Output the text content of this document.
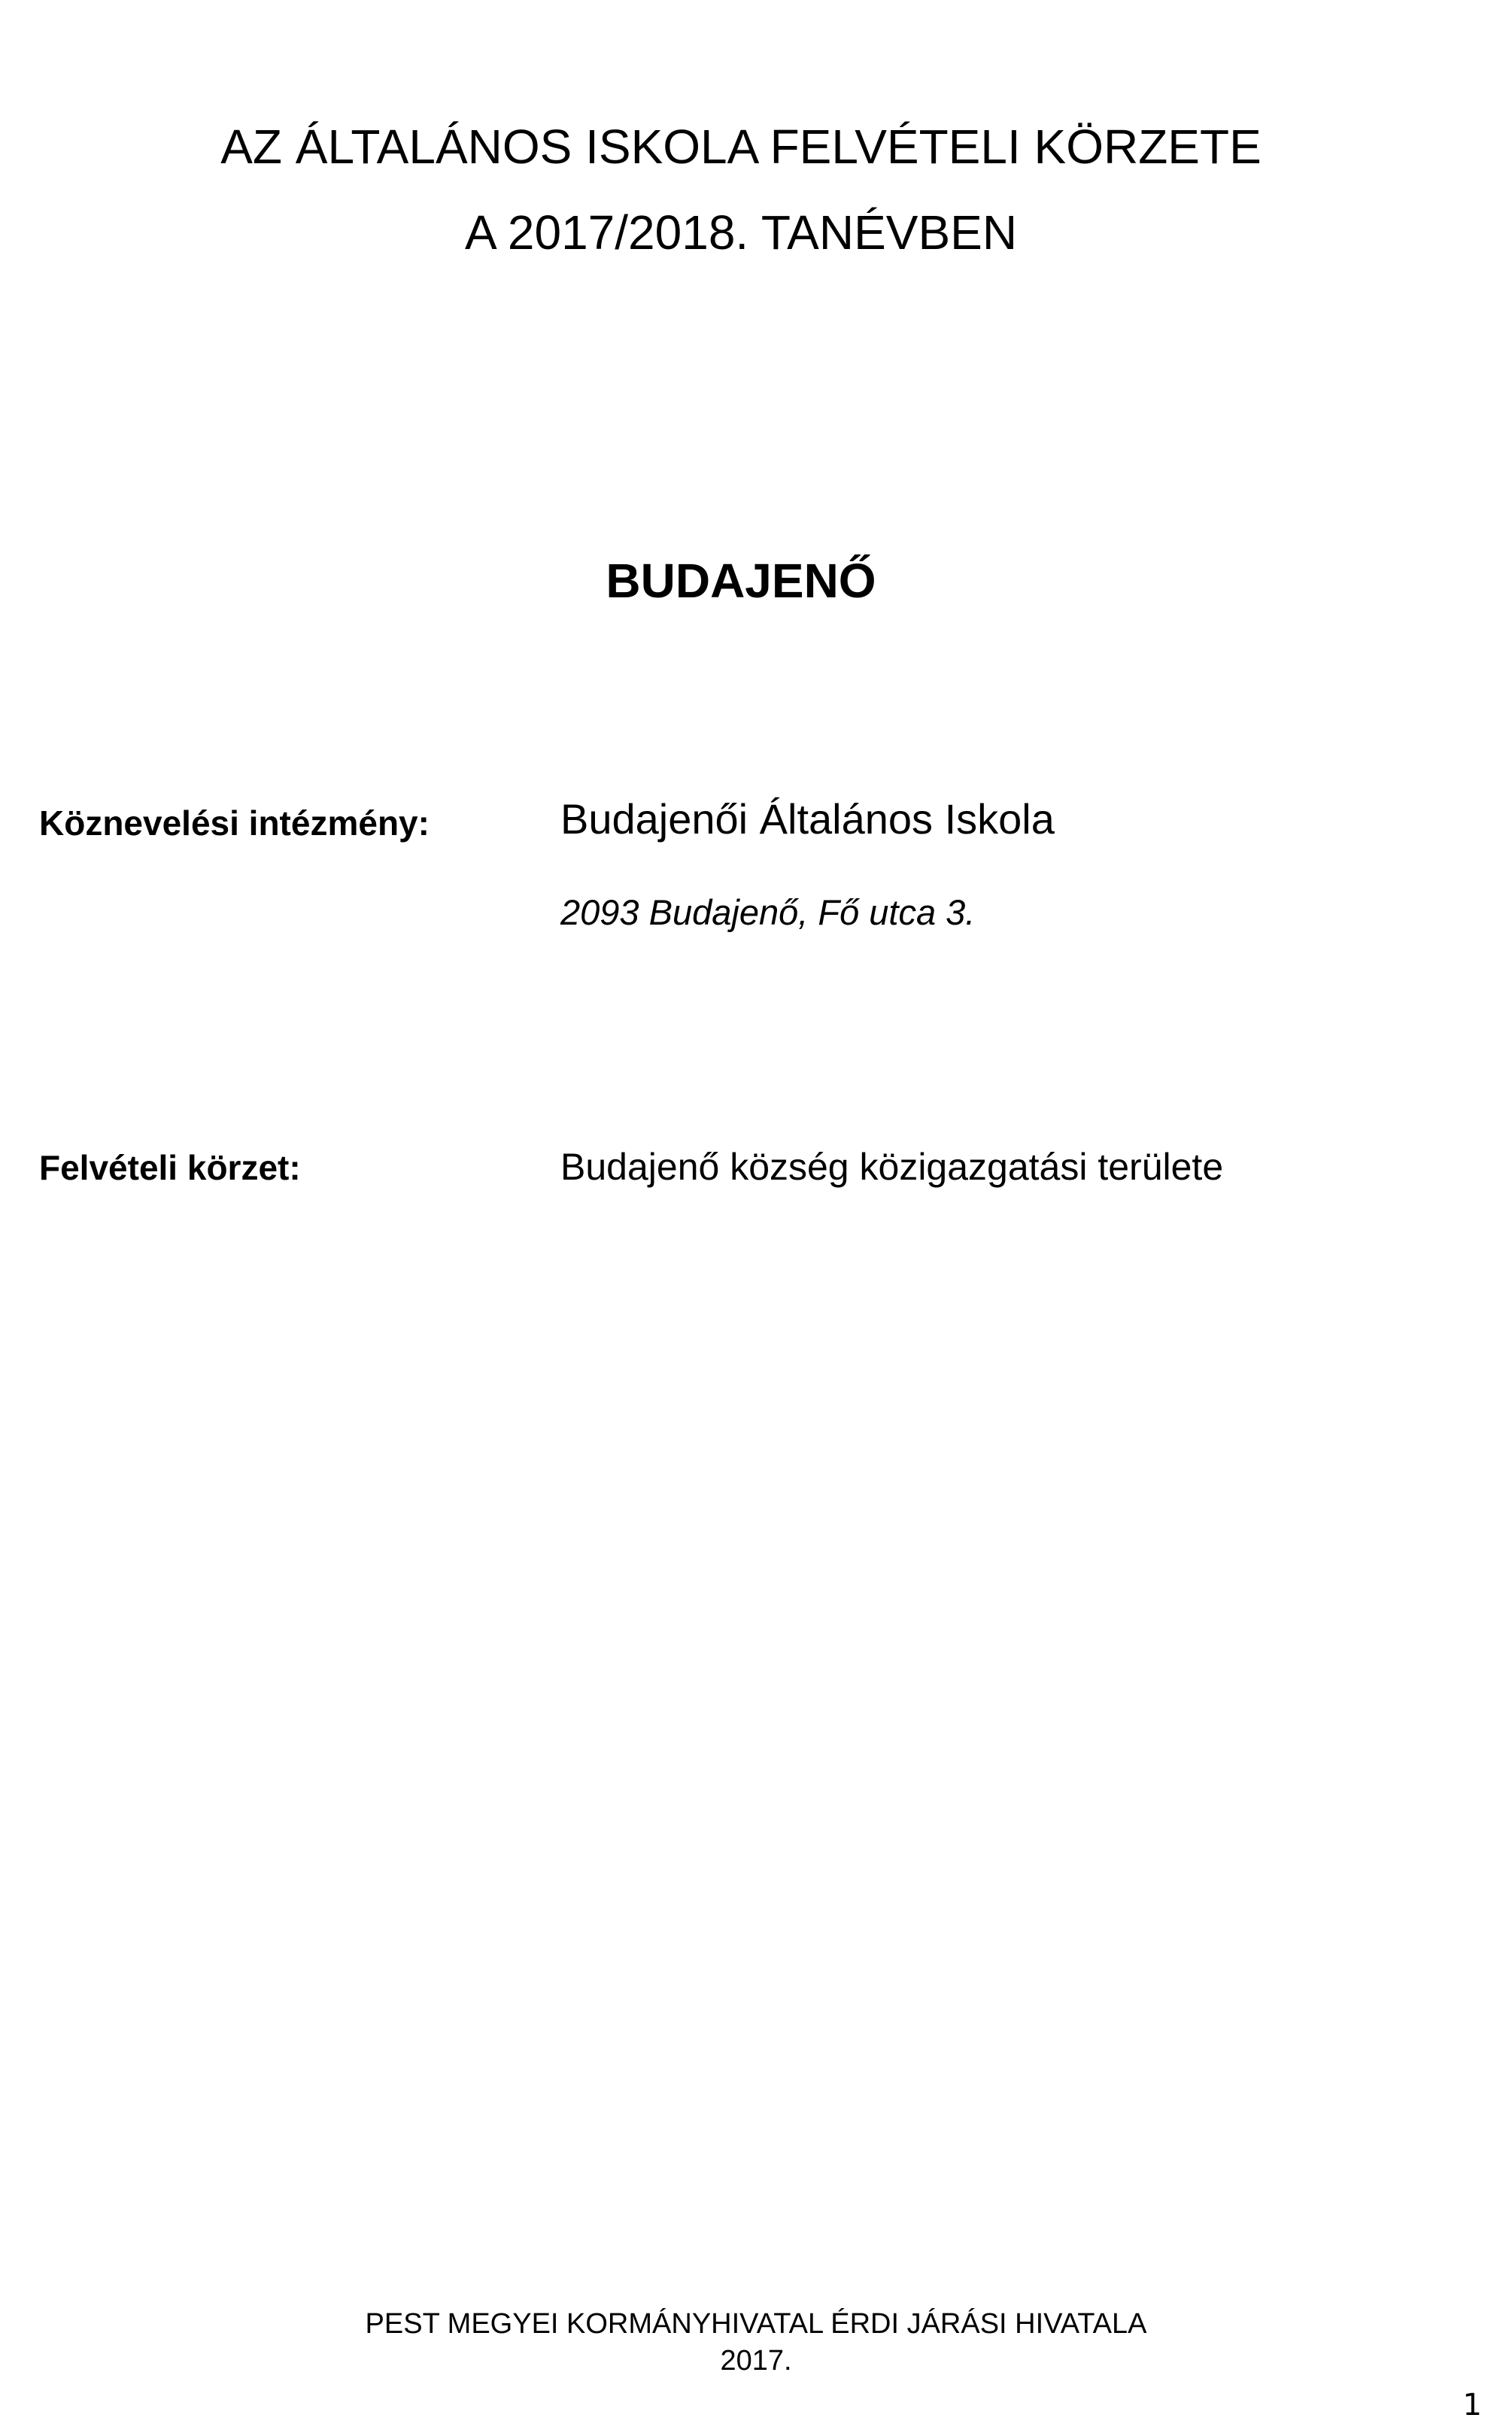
AZ ÁLTALÁNOS ISKOLA FELVÉTELI KÖRZETE
A 2017/2018. TANÉVBEN
BUDAJENŐ
Köznevelési intézmény:	Budajenői Általános Iskola
2093 Budajenő, Fő utca 3.
Felvételi körzet:	Budajenő község közigazgatási területe
PEST MEGYEI KORMÁNYHIVATAL ÉRDI JÁRÁSI HIVATALA
2017.
1
